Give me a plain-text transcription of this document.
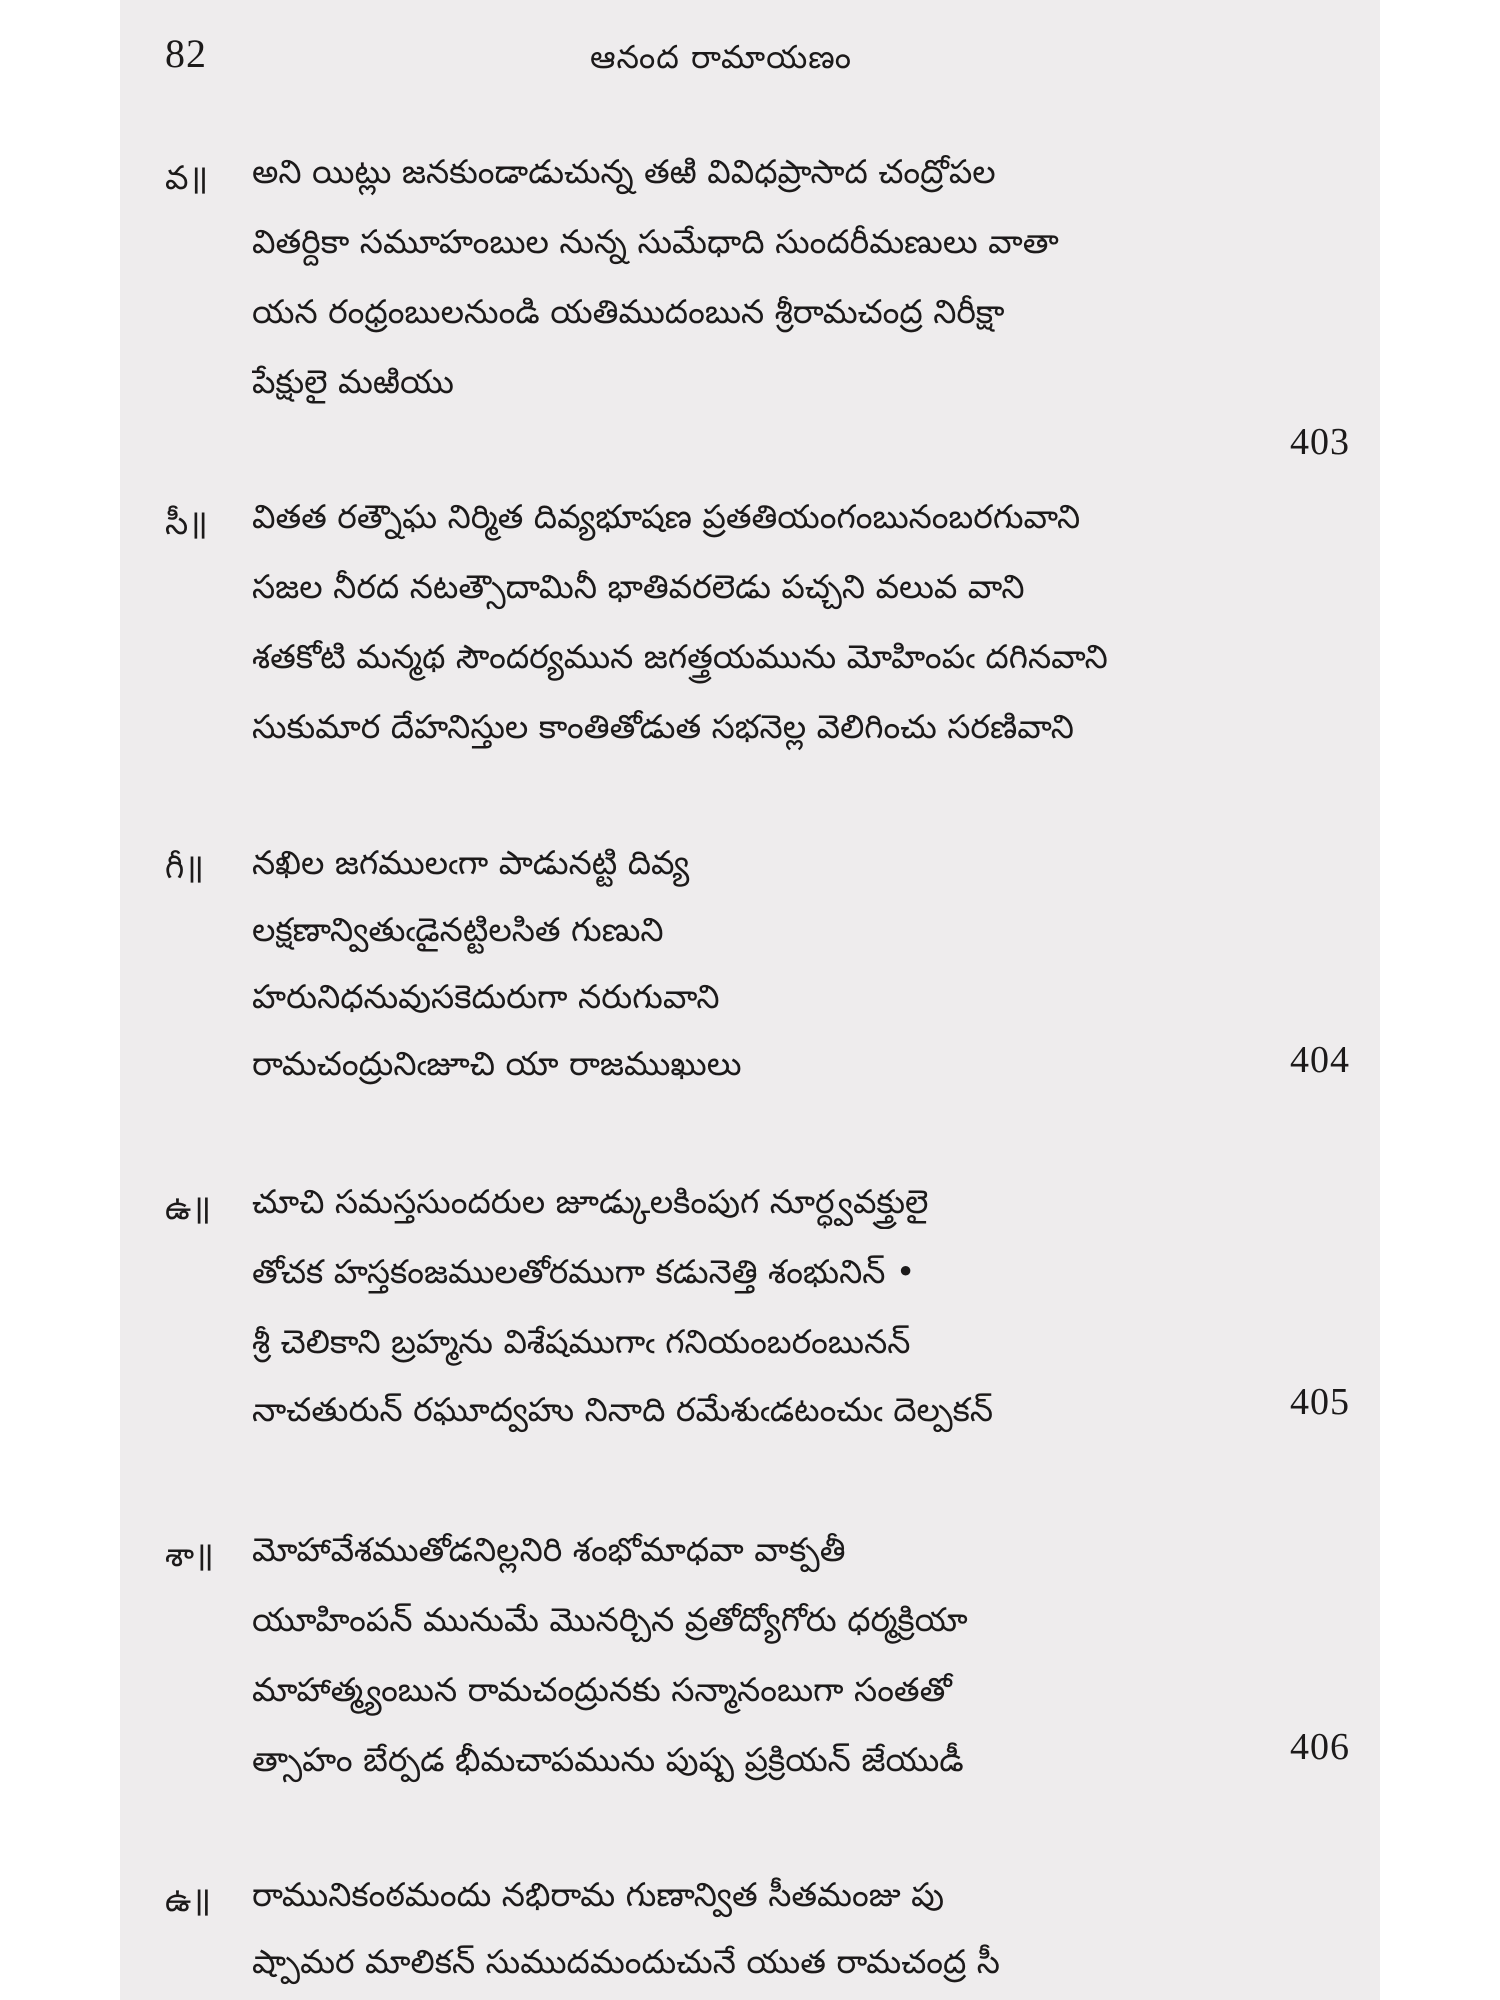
82	ఆనంద రామాయణం
వ॥	అని యిట్లు జనకుండాడుచున్న తఱి వివిధప్రాసాద చంద్రోపల
వితర్దికా సమూహంబుల నున్న సుమేధాది సుందరీమణులు వాతా
యన రంధ్రంబులనుండి యతిముదంబున శ్రీరామచంద్ర నిరీక్షా
పేక్షులై మఱియు
403
సీ॥	వితత రత్నౌఘ నిర్మిత దివ్యభూషణ ప్రతతియంగంబునంబరగువాని
సజల నీరద నటత్సౌదామినీ భాతివరలెడు పచ్చని వలువ వాని
శతకోటి మన్మథ సౌందర్యమున జగత్త్రయమును మోహింపఁ దగినవాని
సుకుమార దేహనిస్తుల కాంతితోడుత సభనెల్ల వెలిగించు సరణివాని
గీ॥	నఖిల జగములఁగా పాడునట్టి దివ్య
లక్షణాన్వితుఁడైనట్టిలసిత గుణుని
హరునిధనువుసకెదురుగా నరుగువాని
రామచంద్రునిఁజూచి యా రాజముఖులు	404
ఉ॥	చూచి సమస్తసుందరుల జూడ్కులకింపుగ నూర్ధ్వవక్త్రులై
తోచక హస్తకంజములతోరముగా కడునెత్తి శంభునిన్ •
శ్రీ చెలికాని బ్రహ్మను విశేషముగాఁ గనియంబరంబునన్
నాచతురున్ రఘూద్వహు నినాది రమేశుఁడటంచుఁ దెల్పకన్	405
శా॥	మోహావేశముతోడనిల్లనిరి శంభోమాధవా వాక్పతీ
యూహింపన్ మునుమే మొనర్చిన వ్రతోద్యోగోరు ధర్మక్రియా
మాహాత్మ్యంబున రామచంద్రునకు సన్మానంబుగా సంతతో
త్సాహం బేర్పడ భీమచాపమును పుష్ప ప్రక్రియన్ జేయుడీ	406
ఉ॥	రామునికంఠమందు నభిరామ గుణాన్విత సీతమంజు పు
ష్పామర మాలికన్ సుముదమందుచునే యుత రామచంద్ర సీ
